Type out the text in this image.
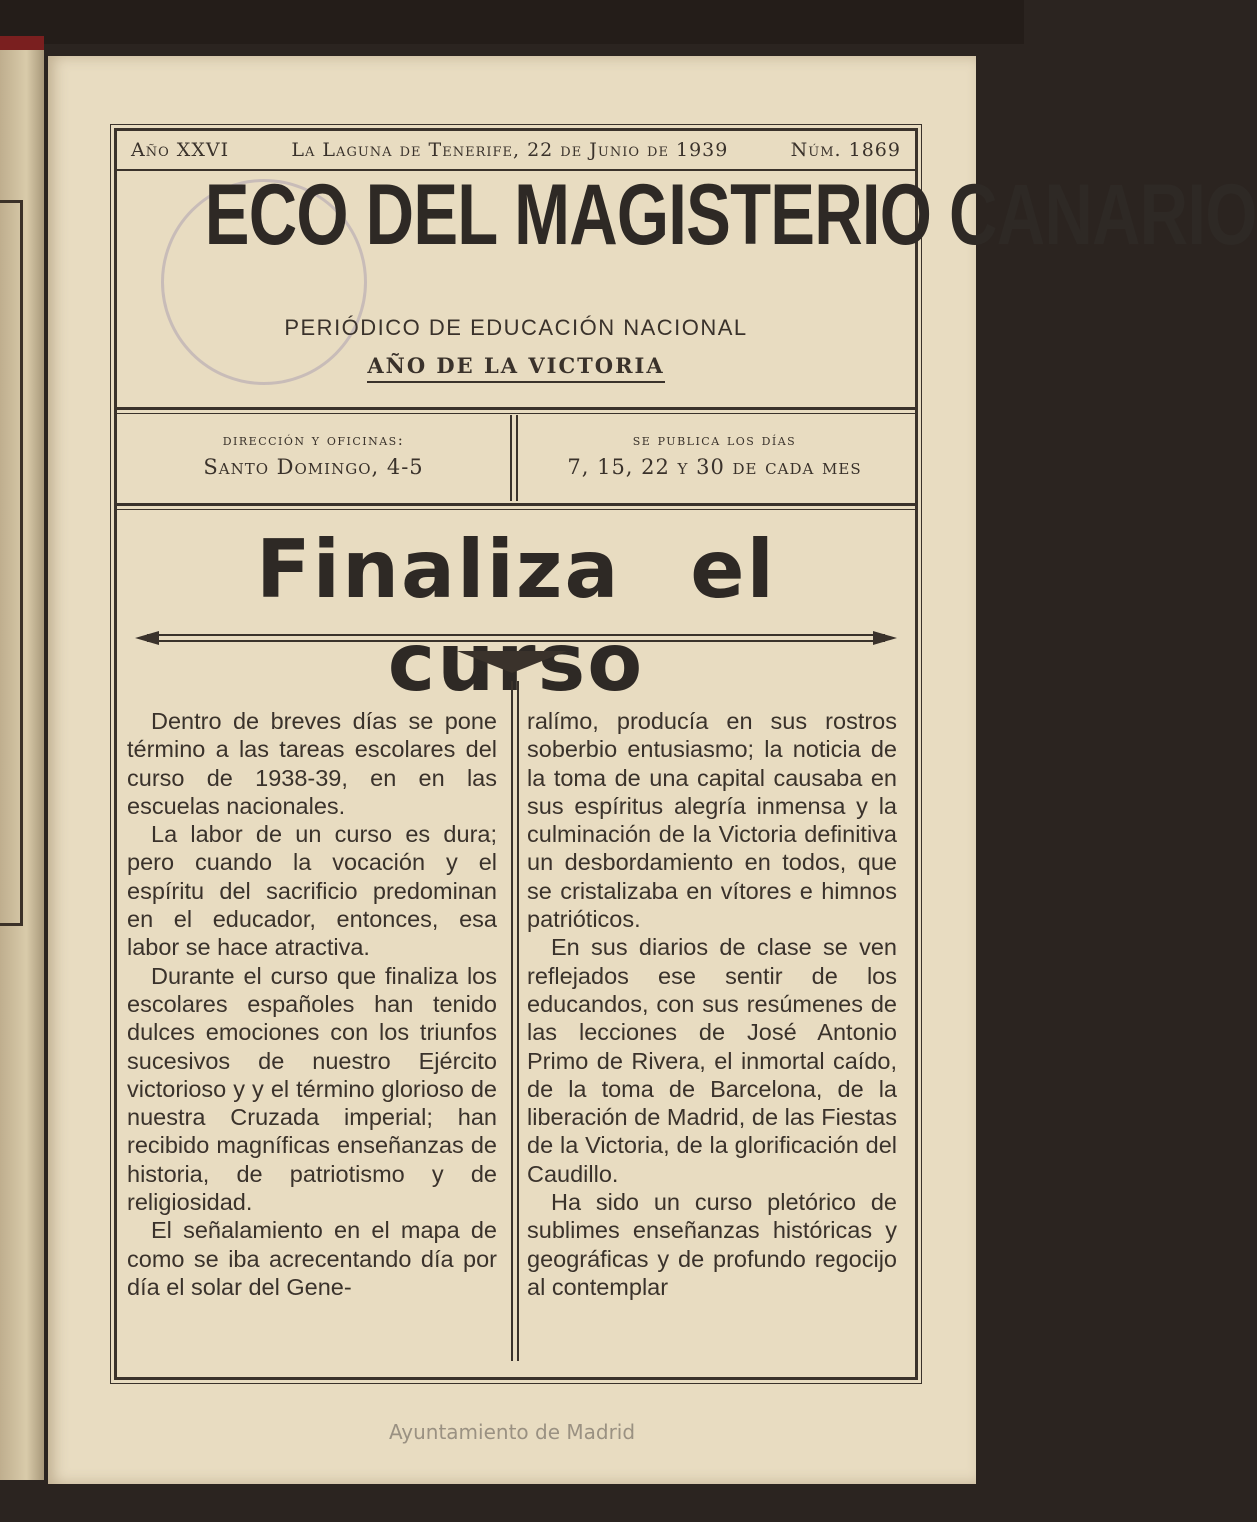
Año XXVI	La Laguna de Tenerife, 22 de Junio de 1939	Núm. 1869
ECO DEL MAGISTERIO CANARIO
PERIÓDICO DE EDUCACIÓN NACIONAL
AÑO DE LA VICTORIA
dirección y oficinas:
Santo Domingo, 4-5
se publica los días
7, 15, 22 y 30 de cada mes
Finaliza el curso

Dentro de breves días se pone término a las tareas escolares del curso de 1938-39, en en las escuelas nacionales.

La labor de un curso es dura; pero cuando la vocación y el espíritu del sacrificio predominan en el educador, entonces, esa labor se hace atractiva.

Durante el curso que finaliza los escolares españoles han tenido dulces emociones con los triunfos sucesivos de nuestro Ejército victorioso y y el término glorioso de nuestra Cruzada imperial; han recibido magníficas enseñanzas de historia, de patriotismo y de religiosidad.

El señalamiento en el mapa de como se iba acrecentando día por día el solar del Gene-

ralímo, producía en sus rostros soberbio entusiasmo; la noticia de la toma de una capital causaba en sus espíritus alegría inmensa y la culminación de la Victoria definitiva un desbordamiento en todos, que se cristalizaba en vítores e himnos patrióticos.

En sus diarios de clase se ven reflejados ese sentir de los educandos, con sus resúmenes de las lecciones de José Antonio Primo de Rivera, el inmortal caído, de la toma de Barcelona, de la liberación de Madrid, de las Fiestas de la Victoria, de la glorificación del Caudillo.

Ha sido un curso pletórico de sublimes enseñanzas históricas y geográficas y de profundo regocijo al contemplar

Ayuntamiento de Madrid
